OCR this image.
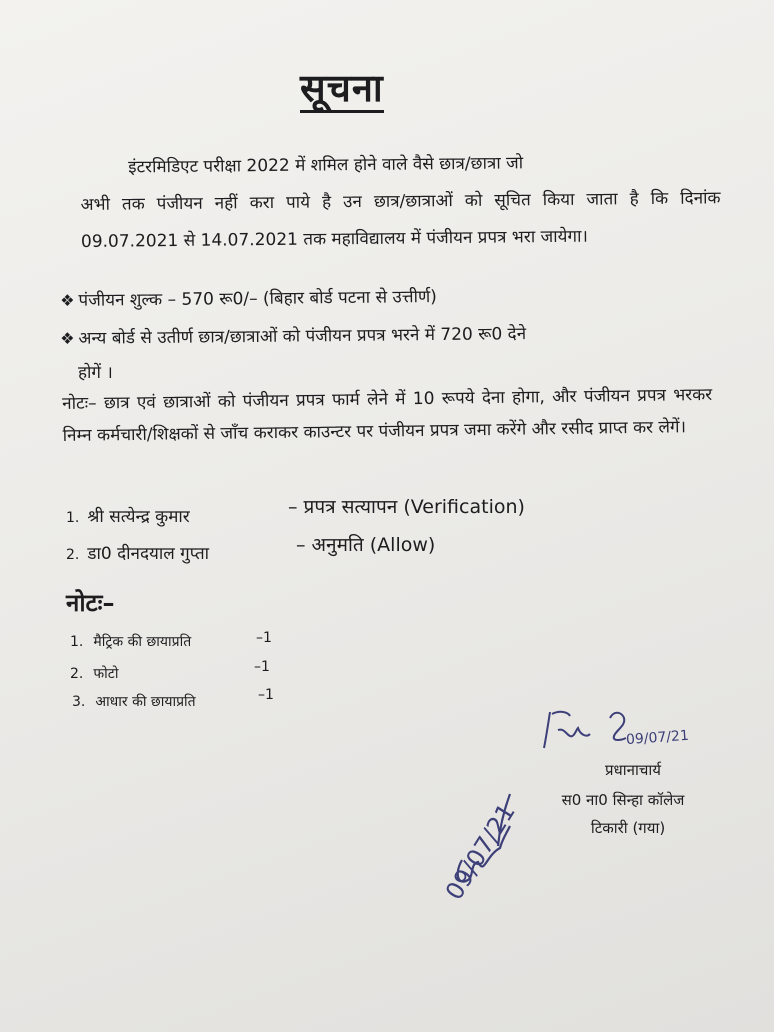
सूचना
इंटरमिडिएट परीक्षा 2022 में शमिल होने वाले वैसे छात्र/छात्रा जो
अभी तक पंजीयन नहीं करा पाये है उन छात्र/छात्राओं को सूचित किया जाता है कि दिनांक 09.07.2021 से 14.07.2021 तक महाविद्यालय में पंजीयन प्रपत्र भरा जायेगा।
❖ पंजीयन शुल्क – 570 रू0/– (बिहार बोर्ड पटना से उत्तीर्ण)
❖ अन्य बोर्ड से उतीर्ण छात्र/छात्राओं को पंजीयन प्रपत्र भरने में 720 रू0 देने
होगें ।
नोटः– छात्र एवं छात्राओं को पंजीयन प्रपत्र फार्म लेने में 10 रूपये देना होगा, और पंजीयन प्रपत्र भरकर निम्न कर्मचारी/शिक्षकों से जाँच कराकर काउन्टर पर पंजीयन प्रपत्र जमा करेंगे और रसीद प्राप्त कर लेगें।
1. श्री सत्येन्द्र कुमार	– प्रपत्र सत्यापन (Verification)
2. डा0 दीनदयाल गुप्ता	– अनुमति (Allow)
नोटः–
1. मैट्रिक की छायाप्रति	–1
2. फोटो	–1
3. आधार की छायाप्रति	–1
09/07/21
प्रधानाचार्य
स0 ना0 सिन्हा कॉलेज
टिकारी (गया)
09/07/21
